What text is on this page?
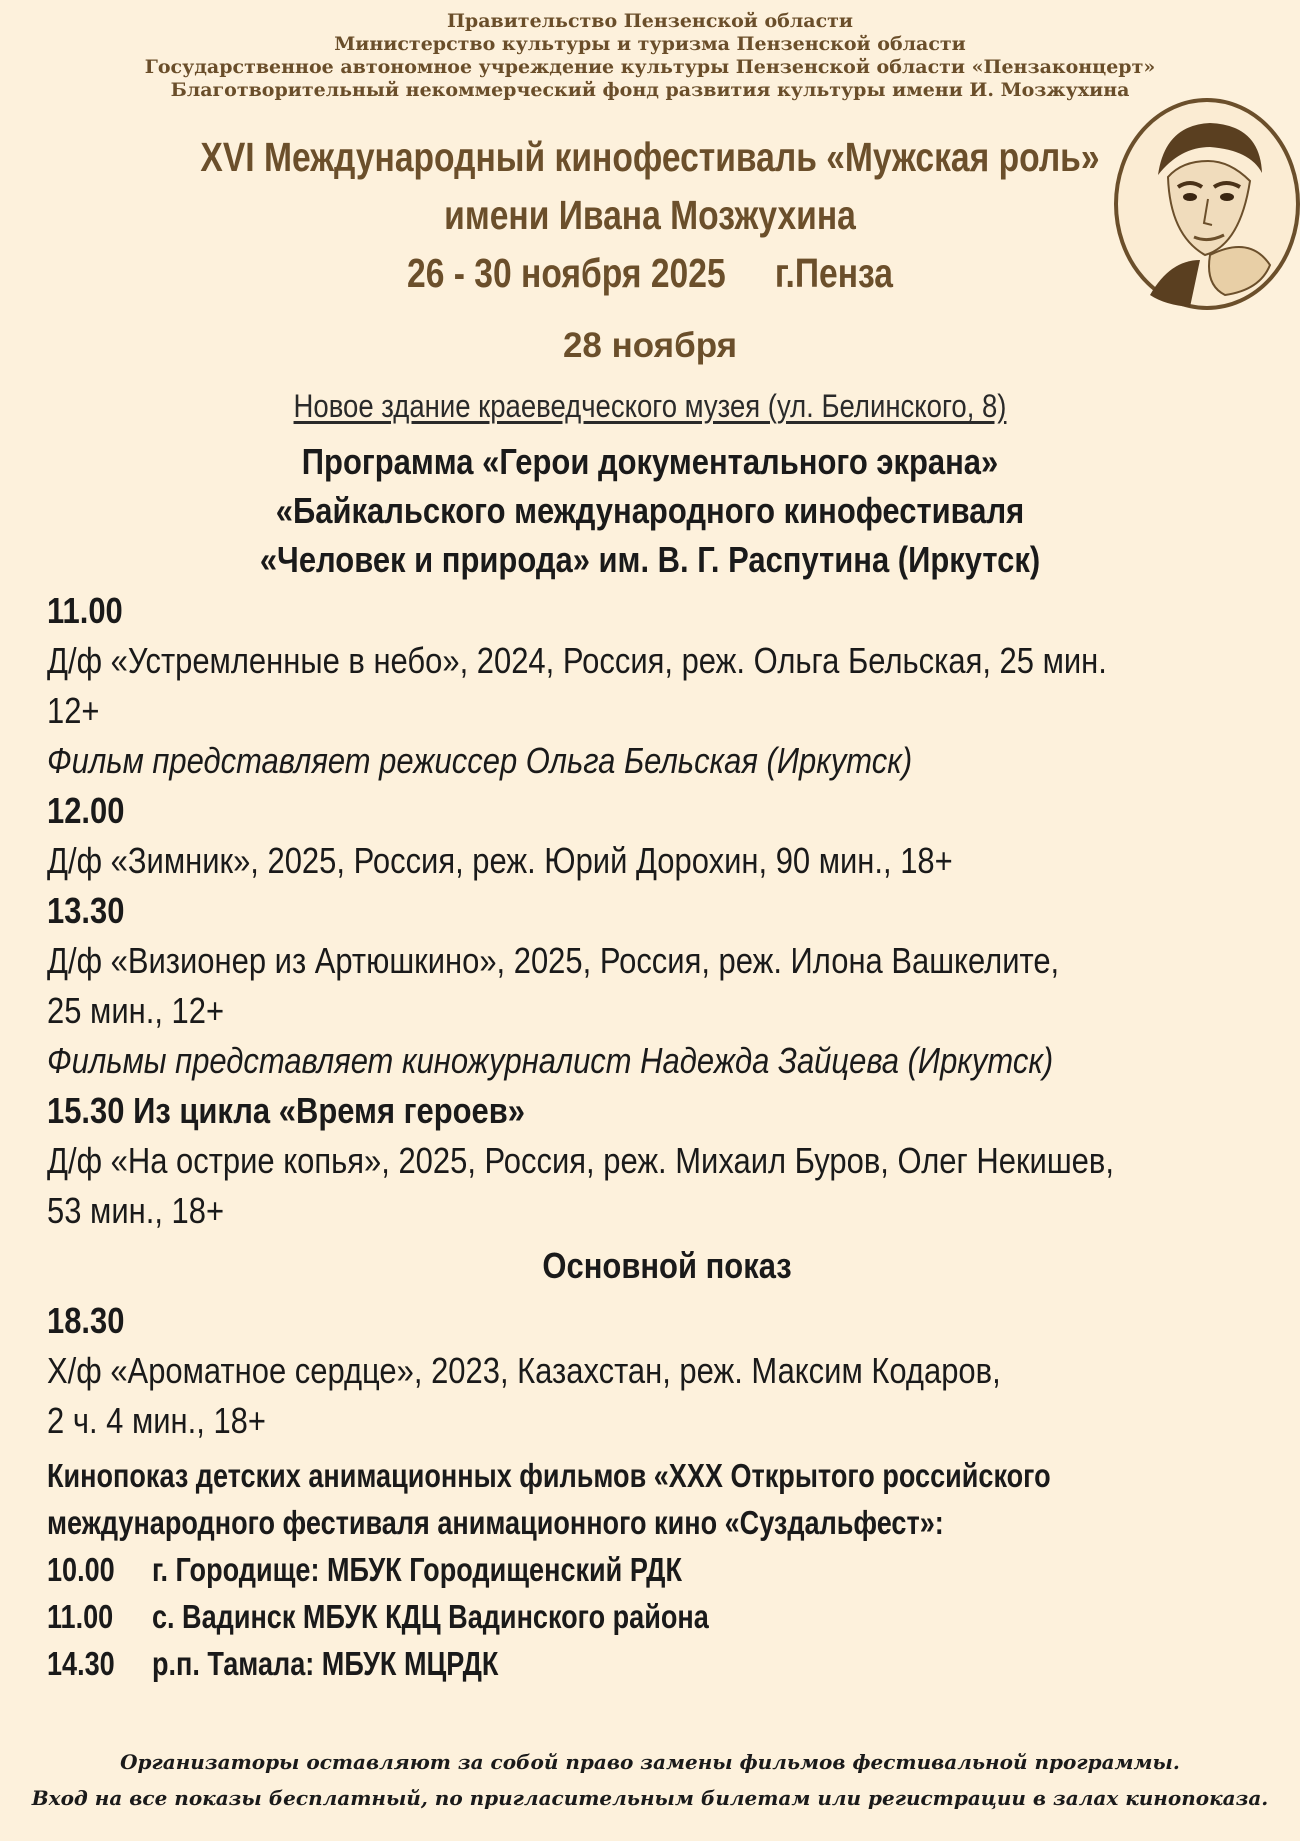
Правительство Пензенской области
Министерство культуры и туризма Пензенской области
Государственное автономное учреждение культуры Пензенской области «Пензаконцерт»
Благотворительный некоммерческий фонд развития культуры имени И. Мозжухина
XVI Международный кинофестиваль «Мужская роль»
имени Ивана Мозжухина
26 - 30 ноября 2025 г.Пенза
28 ноября
Новое здание краеведческого музея (ул. Белинского, 8)
Программа «Герои документального экрана»
«Байкальского международного кинофестиваля
«Человек и природа» им. В. Г. Распутина (Иркутск)
11.00
Д/ф «Устремленные в небо», 2024, Россия, реж. Ольга Бельская, 25 мин.
12+
Фильм представляет режиссер Ольга Бельская (Иркутск)
12.00
Д/ф «Зимник», 2025, Россия, реж. Юрий Дорохин, 90 мин., 18+
13.30
Д/ф «Визионер из Артюшкино», 2025, Россия, реж. Илона Вашкелите,
25 мин., 12+
Фильмы представляет киножурналист Надежда Зайцева (Иркутск)
15.30 Из цикла «Время героев»
Д/ф «На острие копья», 2025, Россия, реж. Михаил Буров, Олег Некишев,
53 мин., 18+
Основной показ
18.30
Х/ф «Ароматное сердце», 2023, Казахстан, реж. Максим Кодаров,
2 ч. 4 мин., 18+
Кинопоказ детских анимационных фильмов «ХХХ Открытого российского
международного фестиваля анимационного кино «Суздальфест»:
10.00 г. Городище: МБУК Городищенский РДК
11.00 с. Вадинск МБУК КДЦ Вадинского района
14.30 р.п. Тамала: МБУК МЦРДК
Организаторы оставляют за собой право замены фильмов фестивальной программы.
Вход на все показы бесплатный, по пригласительным билетам или регистрации в залах кинопоказа.
